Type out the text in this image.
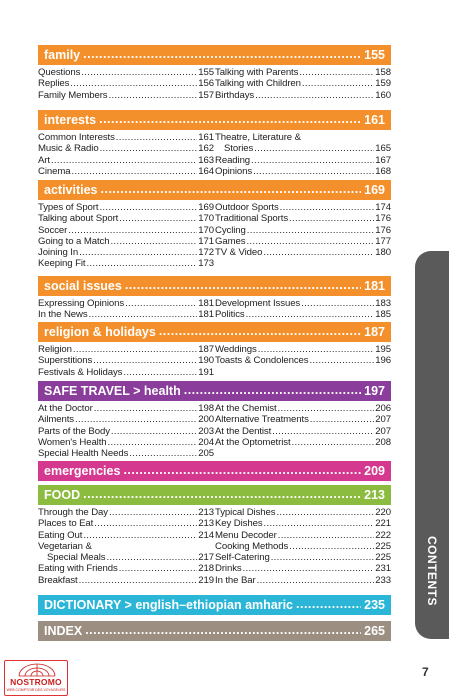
family .....	155
Questions .....	155
Replies .....	156
Family Members .....	157
Talking with Parents .....	158
Talking with Children .....	159
Birthdays .....	160
interests .....	161
Common Interests .....	161
Music & Radio .....	162
Art .....	163
Cinema .....	164
Theatre, Literature &
Stories .....	165
Reading .....	167
Opinions .....	168
activities .....	169
Types of Sport .....	169
Talking about Sport .....	170
Soccer .....	170
Going to a Match .....	171
Joining In .....	172
Keeping Fit .....	173
Outdoor Sports .....	174
Traditional Sports .....	176
Cycling .....	176
Games .....	177
TV & Video .....	180
social issues .....	181
Expressing Opinions .....	181
In the News .....	181
Development Issues .....	183
Politics .....	185
religion & holidays .....	187
Religion .....	187
Superstitions .....	190
Festivals & Holidays .....	191
Weddings .....	195
Toasts & Condolences .....	196
SAFE TRAVEL > health .....	197
At the Doctor .....	198
Ailments .....	200
Parts of the Body .....	203
Women's Health .....	204
Special Health Needs .....	205
At the Chemist .....	206
Alternative Treatments .....	207
At the Dentist .....	207
At the Optometrist .....	208
emergencies .....	209
FOOD .....	213
Through the Day .....	213
Places to Eat .....	213
Eating Out .....	214
Vegetarian &
Special Meals .....	217
Eating with Friends .....	218
Breakfast .....	219
Typical Dishes .....	220
Key Dishes .....	221
Menu Decoder .....	222
Cooking Methods .....	225
Self-Catering .....	225
Drinks .....	231
In the Bar .....	233
DICTIONARY > english–ethiopian amharic .....	235
INDEX .....	265
CONTENTS
7
NOSTROMO
WEB COMPTOIR DES VOYAGEURS
